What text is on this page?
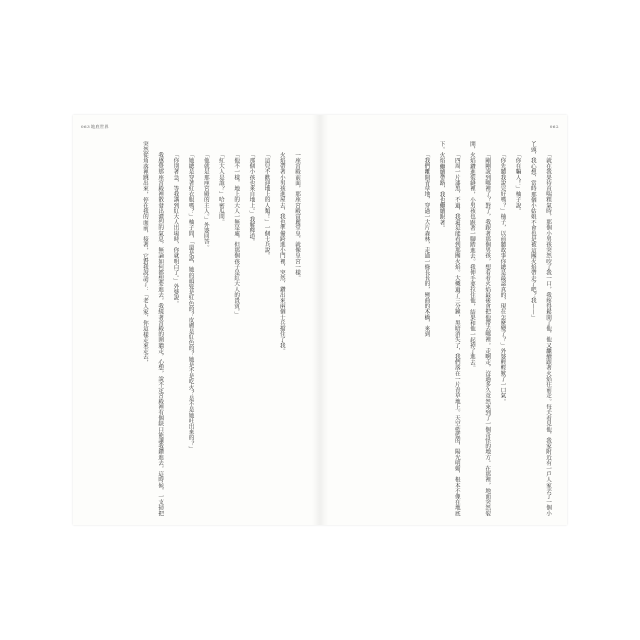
063 地底世界

一座宮殿前面，那座宮殿富麗堂皇，就像皇宮一樣。

火焰帶著小男孩進屋去，我也準備跨進小門裡，突然，鑽出來兩個士兵擋住了我。

「這兒不歡迎地上的人類！」一個士兵說。

「那個小孩也來自地上。」我解釋道。

「他不一樣，地上的大人一無是處，但那個孩子是紅大人的貴賓。」

「紅大人是誰？」哈密瓜問。

「他就是那座宮殿的主人。」外婆回答。

「她總是穿著紅衣服嗎？」柚子問，「還是說，她的頭髮是紅色的？皮膚是紅色的？她是不是吃火？是不是她吐出來的？」

「你別著急，等我講到紅大人出場時，你就明白了。」外婆說。

我感覺那座宮殿裡散發出濃烈的氣息，無論如何都想要進去。我繞著宮殿的圍牆走，心想，說不定宮殿裡有個缺口能讓我鑽進去。這時候，一支掃把突然從角落裡跳出來，停在我的面前，接著，它對我說話了：「老人家，你這樣走來走去，

062

「就在我果待直喘粗氣時，那個小男孩突然咬了我一口，我疼得鬆開了他，他又繼續跟著火焰往前走。每天看見他，我家附近有一戶人家丟了一個小丫頭，我心想，當時那個小姑娘不會也是被這團火焰帶走了吧？我——」

「你在騙人！」柚子說。

「你先聽我說完好嗎？」柚子，以前聽故事你總是最認真的，現在怎麼變了？」外婆輕輕歎了一口氣。

「剛剛說到哪裡了？對了，我跟著那個男孩，想看看火焰最後會把他帶去哪裡。走啊走，沒過多久竟然來到了一個奇怪的地方。在那裡，地面突然裂開，火焰鑽進裂縫裡，小男孩也跟著一腳踏進去。我伸手要拉住他，結果和他一起掉了進去。

「四周一片漆黑，不過，我還是能看到那團火焰。大概過了三分鐘，黑暗消失了，我們落在一片青草地上。天空藍藍的，陽光明媚，根本不像在地底下。火焰繼續帶路，我也繼續跟著。

「我們離開青草地，穿過一大片森林，走過一條長長的，彎曲的木橋，來到
